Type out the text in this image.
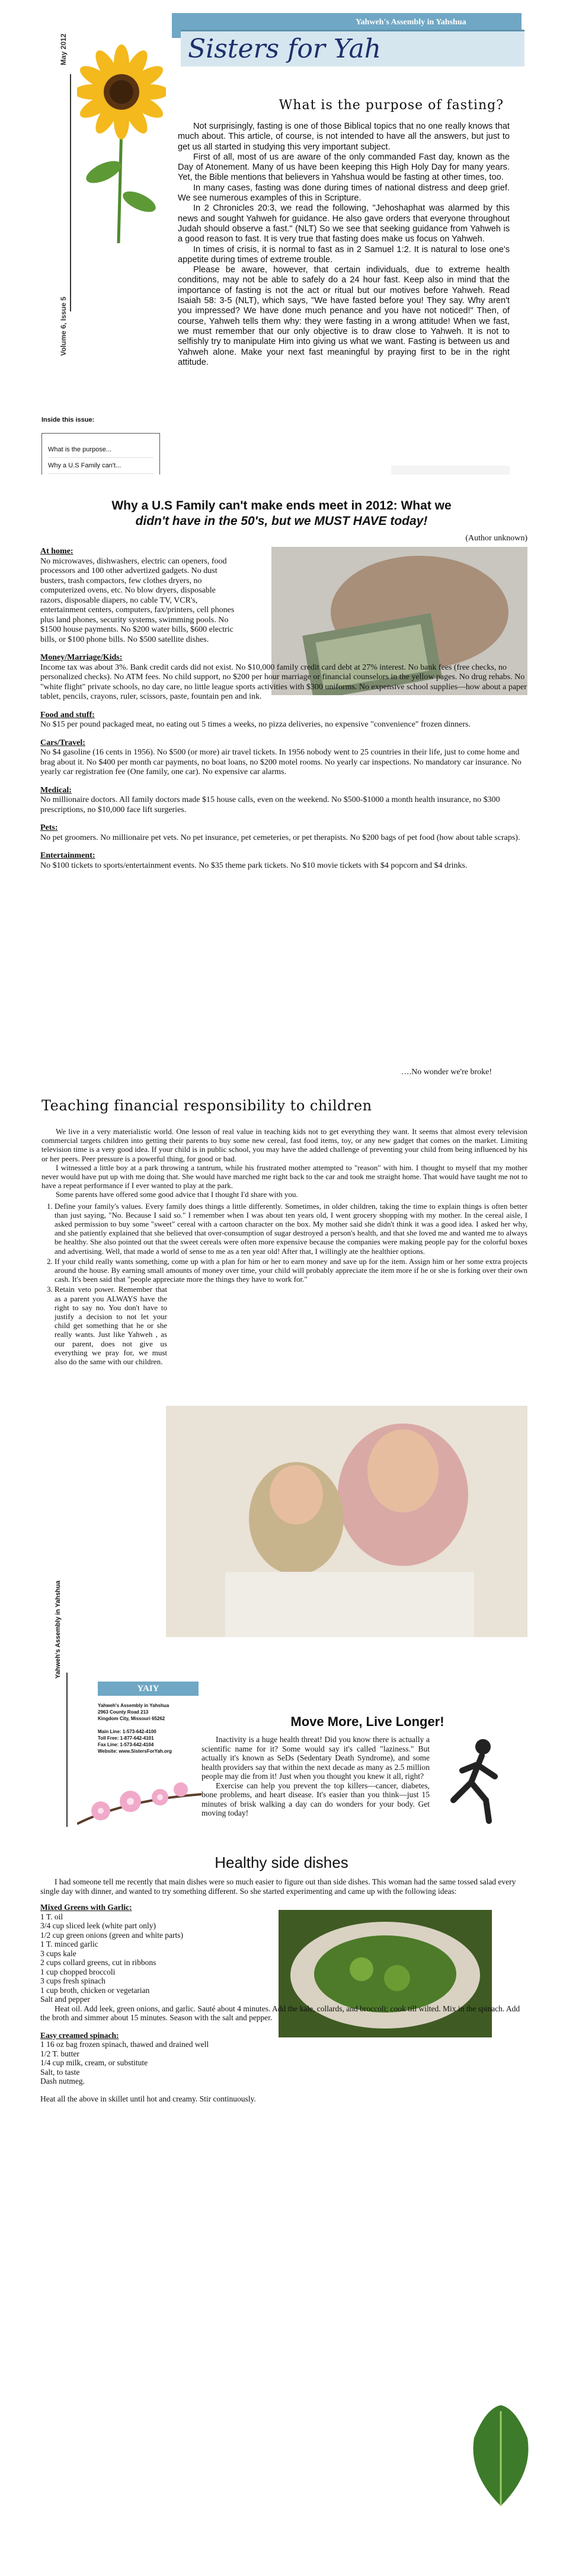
Yahweh's Assembly in Yahshua
Sisters for Yah
May 2012
Volume 6, Issue 5
What is the purpose of fasting?

Not surprisingly, fasting is one of those Biblical topics that no one really knows that much about. This article, of course, is not intended to have all the answers, but just to get us all started in studying this very important subject.

First of all, most of us are aware of the only commanded Fast day, known as the Day of Atonement. Many of us have been keeping this High Holy Day for many years. Yet, the Bible mentions that believers in Yahshua would be fasting at other times, too.

In many cases, fasting was done during times of national distress and deep grief. We see numerous examples of this in Scripture.

In 2 Chronicles 20:3, we read the following, "Jehoshaphat was alarmed by this news and sought Yahweh for guidance. He also gave orders that everyone throughout Judah should observe a fast." (NLT) So we see that seeking guidance from Yahweh is a good reason to fast. It is very true that fasting does make us focus on Yahweh.

In times of crisis, it is normal to fast as in 2 Samuel 1:2. It is natural to lose one's appetite during times of extreme trouble.

Please be aware, however, that certain individuals, due to extreme health conditions, may not be able to safely do a 24 hour fast. Keep also in mind that the importance of fasting is not the act or ritual but our motives before Yahweh. Read Isaiah 58: 3-5 (NLT), which says, "We have fasted before you! They say. Why aren't you impressed? We have done much penance and you have not noticed!" Then, of course, Yahweh tells them why: they were fasting in a wrong attitude! When we fast, we must remember that our only objective is to draw close to Yahweh. It is not to selfishly try to manipulate Him into giving us what we want. Fasting is between us and Yahweh alone. Make your next fast meaningful by praying first to be in the right attitude.

Inside this issue:
What is the purpose...
Why a U.S Family can't...
Why a U.S Family can't make ends meet in 2012: What we
didn't have in the 50's, but we MUST HAVE today!
(Author unknown)
At home:

No microwaves, dishwashers, electric can openers, food processors and 100 other advertized gadgets. No dust busters, trash compactors, few clothes dryers, no computerized ovens, etc. No blow dryers, disposable razors, disposable diapers, no cable TV, VCR's, entertainment centers, computers, fax/printers, cell phones plus land phones, security systems, swimming pools. No $1500 house payments. No $200 water bills, $600 electric bills, or $100 phone bills. No $500 satellite dishes.

Money/Marriage/Kids:

Income tax was about 3%. Bank credit cards did not exist. No $10,000 family credit card debt at 27% interest. No bank fees (free checks, no personalized checks). No ATM fees. No child support, no $200 per hour marriage or financial counselors in the yellow pages. No drug rehabs. No "white flight" private schools, no day care, no little league sports activities with $300 uniforms. No expensive school supplies—how about a paper tablet, pencils, crayons, ruler, scissors, paste, fountain pen and ink.

Food and stuff:

No $15 per pound packaged meat, no eating out 5 times a weeks, no pizza deliveries, no expensive "convenience" frozen dinners.

Cars/Travel:

No $4 gasoline (16 cents in 1956). No $500 (or more) air travel tickets. In 1956 nobody went to 25 countries in their life, just to come home and brag about it. No $400 per month car payments, no boat loans, no $200 motel rooms. No yearly car inspections. No mandatory car insurance. No yearly car registration fee (One family, one car). No expensive car alarms.

Medical:

No millionaire doctors. All family doctors made $15 house calls, even on the weekend. No $500-$1000 a month health insurance, no $300 prescriptions, no $10,000 face lift surgeries.

Pets:

No pet groomers. No millionaire pet vets. No pet insurance, pet cemeteries, or pet therapists. No $200 bags of pet food (how about table scraps).

Entertainment:

No $100 tickets to sports/entertainment events. No $35 theme park tickets. No $10 movie tickets with $4 popcorn and $4 drinks.

….No wonder we're broke!
Teaching financial responsibility to children

We live in a very materialistic world. One lesson of real value in teaching kids not to get everything they want. It seems that almost every television commercial targets children into getting their parents to buy some new cereal, fast food items, toy, or any new gadget that comes on the market. Limiting television time is a very good idea. If your child is in public school, you may have the added challenge of preventing your child from being influenced by his or her peers. Peer pressure is a powerful thing, for good or bad.

I witnessed a little boy at a park throwing a tantrum, while his frustrated mother attempted to "reason" with him. I thought to myself that my mother never would have put up with me doing that. She would have marched me right back to the car and took me straight home. That would have taught me not to have a repeat performance if I ever wanted to play at the park.

Some parents have offered some good advice that I thought I'd share with you.

1. Define your family's values. Every family does things a little differently. Sometimes, in older children, taking the time to explain things is often better than just saying, "No. Because I said so." I remember when I was about ten years old, I went grocery shopping with my mother. In the cereal aisle, I asked permission to buy some "sweet" cereal with a cartoon character on the box. My mother said she didn't think it was a good idea. I asked her why, and she patiently explained that she believed that over-consumption of sugar destroyed a person's health, and that she loved me and wanted me to always be healthy. She also pointed out that the sweet cereals were often more expensive because the companies were making people pay for the colorful boxes and advertising. Well, that made a world of sense to me as a ten year old! After that, I willingly ate the healthier options.
2. If your child really wants something, come up with a plan for him or her to earn money and save up for the item. Assign him or her some extra projects around the house. By earning small amounts of money over time, your child will probably appreciate the item more if he or she is forking over their own cash. It's been said that "people appreciate more the things they have to work for."
3. Retain veto power. Remember that as a parent you ALWAYS have the right to say no. You don't have to justify a decision to not let your child get something that he or she really wants. Just like Yahweh , as our parent, does not give us everything we pray for, we must also do the same with our children.
Yahweh's Assembly in Yahshua
YAIY
Yahweh's Assembly in Yahshua
2963 County Road 213
Kingdom City, Missouri 65262

Main Line: 1-573-642-4100
Toll Free: 1-877-642-4101
Fax Line: 1-573-642-4104
Website: www.SistersForYah.org
Move More, Live Longer!

Inactivity is a huge health threat! Did you know there is actually a scientific name for it? Some would say it's called "laziness." But actually it's known as SeDs (Sedentary Death Syndrome), and some health providers say that within the next decade as many as 2.5 million people may die from it! Just when you thought you knew it all, right?

Exercise can help you prevent the top killers—cancer, diabetes, bone problems, and heart disease. It's easier than you think—just 15 minutes of brisk walking a day can do wonders for your body. Get moving today!

Healthy side dishes
I had someone tell me recently that main dishes were so much easier to figure out than side dishes. This woman had the same tossed salad every single day with dinner, and wanted to try something different. So she started experimenting and came up with the following ideas:
Mixed Greens with Garlic:
1 T. oil
3/4 cup sliced leek (white part only)
1/2 cup green onions (green and white parts)
1 T. minced garlic
3 cups kale
2 cups collard greens, cut in ribbons
1 cup chopped broccoli
3 cups fresh spinach
1 cup broth, chicken or vegetarian
Salt and pepper
Heat oil. Add leek, green onions, and garlic. Sauté about 4 minutes. Add the kale, collards, and broccoli; cook till wilted. Mix in the spinach. Add the broth and simmer about 15 minutes. Season with the salt and pepper.
Easy creamed spinach:
1 16 oz bag frozen spinach, thawed and drained well
1/2 T. butter
1/4 cup milk, cream, or substitute
Salt, to taste
Dash nutmeg.
Heat all the above in skillet until hot and creamy. Stir continuously.
